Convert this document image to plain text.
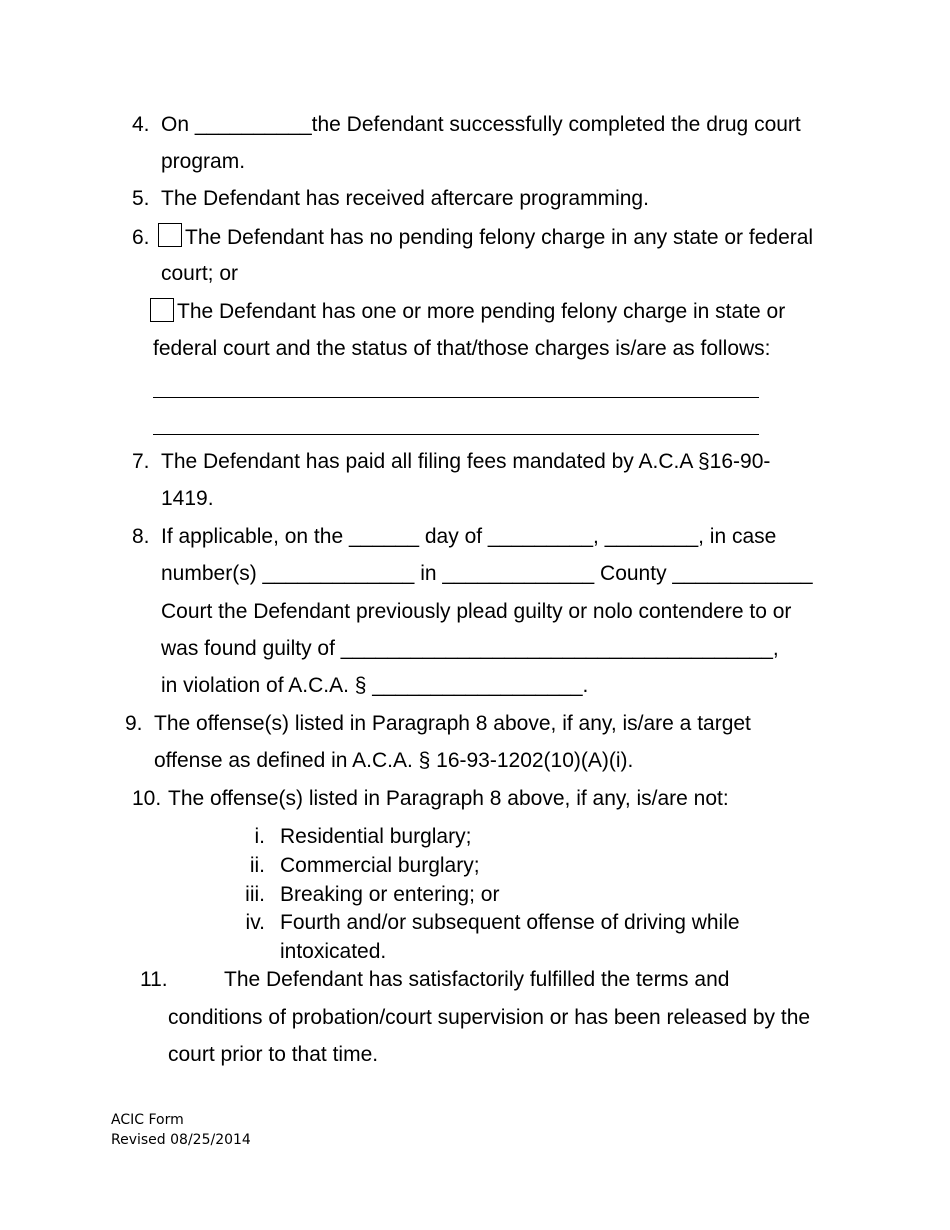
4. On __________the Defendant successfully completed the drug court
program.
5. The Defendant has received aftercare programming.
6. The Defendant has no pending felony charge in any state or federal
court; or
The Defendant has one or more pending felony charge in state or
federal court and the status of that/those charges is/are as follows:
7. The Defendant has paid all filing fees mandated by A.C.A §16-90-
1419.
8. If applicable, on the ______ day of _________, ________, in case
number(s) _____________ in _____________ County ____________
Court the Defendant previously plead guilty or nolo contendere to or
was found guilty of _____________________________________,
in violation of A.C.A. § __________________.
9. The offense(s) listed in Paragraph 8 above, if any, is/are a target
offense as defined in A.C.A. § 16-93-1202(10)(A)(i).
10. The offense(s) listed in Paragraph 8 above, if any, is/are not:
i. Residential burglary;
ii. Commercial burglary;
iii. Breaking or entering; or
iv. Fourth and/or subsequent offense of driving while
intoxicated.
11.	The Defendant has satisfactorily fulfilled the terms and
conditions of probation/court supervision or has been released by the
court prior to that time.
ACIC Form
Revised 08/25/2014
